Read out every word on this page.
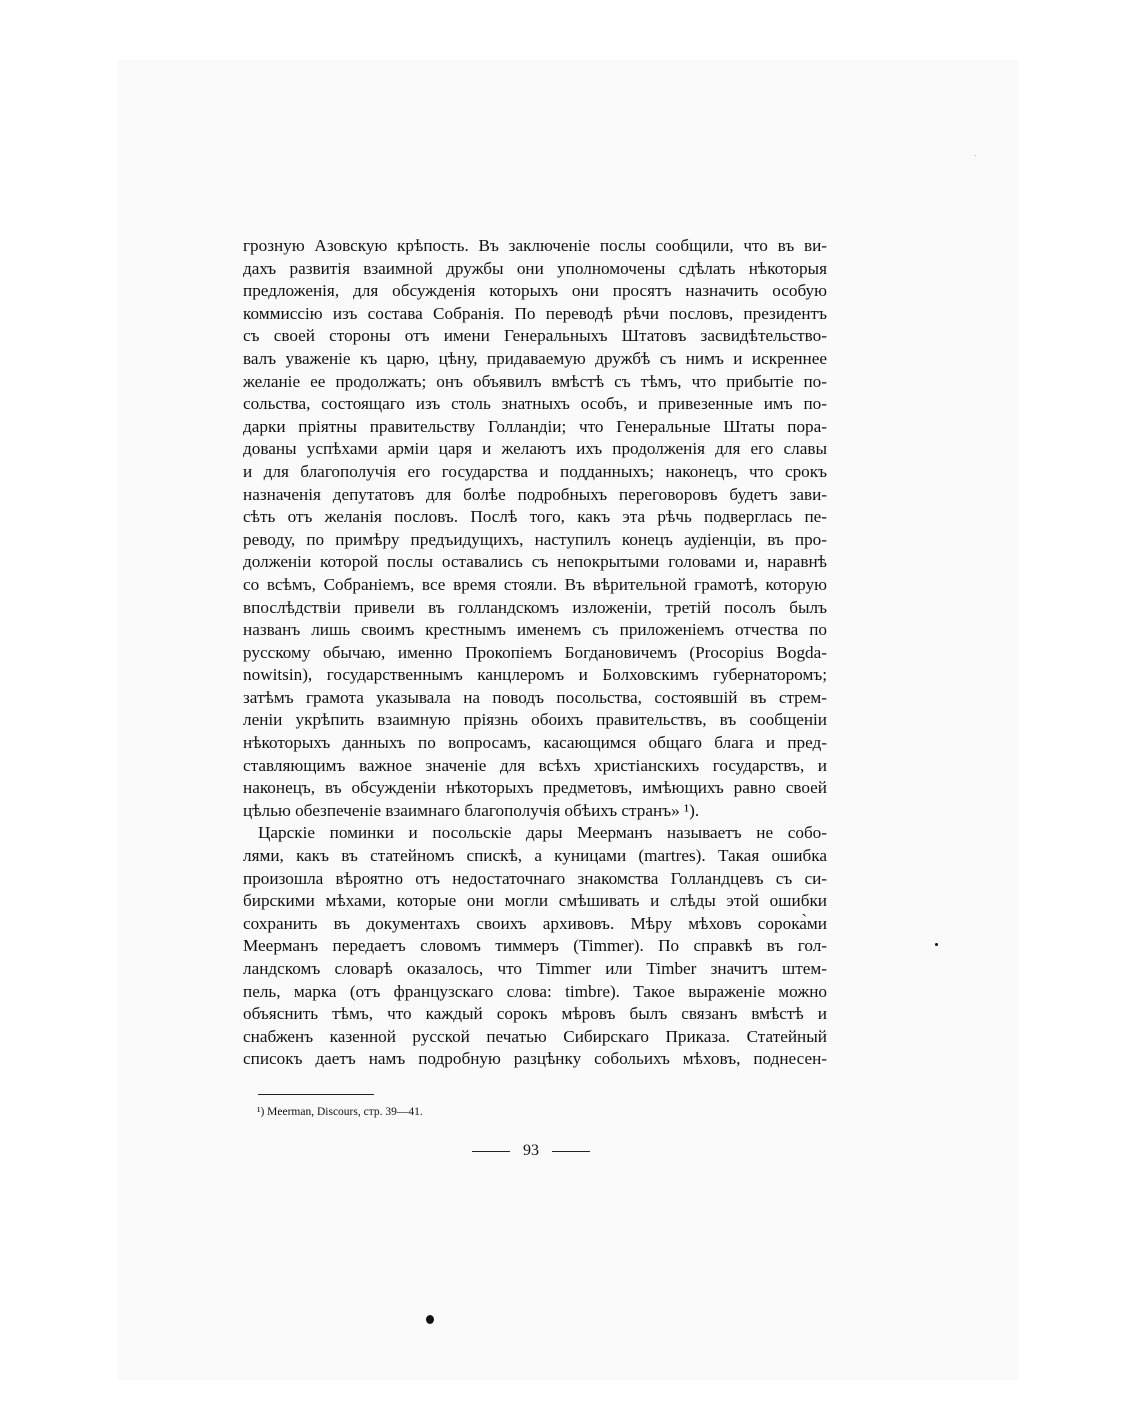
грозную Азовскую крѣпость. Въ заключеніе послы сообщили, что въ ви-
дахъ развитія взаимной дружбы они уполномочены сдѣлать нѣкоторыя
предложенія, для обсужденія которыхъ они просятъ назначить особую
коммиссію изъ состава Собранія. По переводѣ рѣчи пословъ, президентъ
съ своей стороны отъ имени Генеральныхъ Штатовъ засвидѣтельство-
валъ уваженіе къ царю, цѣну, придаваемую дружбѣ съ нимъ и искреннее
желаніе ее продолжать; онъ объявилъ вмѣстѣ съ тѣмъ, что прибытіе по-
сольства, состоящаго изъ столь знатныхъ особъ, и привезенные имъ по-
дарки пріятны правительству Голландіи; что Генеральные Штаты пора-
дованы успѣхами арміи царя и желаютъ ихъ продолженія для его славы
и для благополучія его государства и подданныхъ; наконецъ, что срокъ
назначенія депутатовъ для болѣе подробныхъ переговоровъ будетъ зави-
сѣть отъ желанія пословъ. Послѣ того, какъ эта рѣчь подверглась пе-
реводу, по примѣру предъидущихъ, наступилъ конецъ аудіенціи, въ про-
долженіи которой послы оставались съ непокрытыми головами и, наравнѣ
со всѣмъ, Собраніемъ, все время стояли. Въ вѣрительной грамотѣ, которую
впослѣдствіи привели въ голландскомъ изложеніи, третій посолъ былъ
названъ лишь своимъ крестнымъ именемъ съ приложеніемъ отчества по
русскому обычаю, именно Прокопіемъ Богдановичемъ (Procopius Bogda-
nowitsin), государственнымъ канцлеромъ и Болховскимъ губернаторомъ;
затѣмъ грамота указывала на поводъ посольства, состоявшій въ стрем-
леніи укрѣпить взаимную пріязнь обоихъ правительствъ, въ сообщеніи
нѣкоторыхъ данныхъ по вопросамъ, касающимся общаго блага и пред-
ставляющимъ важное значеніе для всѣхъ христіанскихъ государствъ, и
наконецъ, въ обсужденіи нѣкоторыхъ предметовъ, имѣющихъ равно своей
цѣлью обезпеченіе взаимнаго благополучія обѣихъ странъ» ¹).
Царскіе поминки и посольскіе дары Меерманъ называетъ не собо-
лями, какъ въ статейномъ спискѣ, а куницами (martres). Такая ошибка
произошла вѣроятно отъ недостаточнаго знакомства Голландцевъ съ си-
бирскими мѣхами, которые они могли смѣшивать и слѣды этой ошибки
сохранить въ документахъ своихъ архивовъ. Мѣру мѣховъ сорока̀ми
Меерманъ передаетъ словомъ тиммеръ (Timmer). По справкѣ въ гол-
ландскомъ словарѣ оказалось, что Timmer или Timber значитъ штем-
пель, марка (отъ французскаго слова: timbre). Такое выраженіе можно
объяснить тѣмъ, что каждый сорокъ мѣровъ былъ связанъ вмѣстѣ и
снабженъ казенной русской печатью Сибирскаго Приказа. Статейный
списокъ даетъ намъ подробную разцѣнку собольихъ мѣховъ, поднесен-
¹) Meerman, Discours, стр. 39—41.
93
